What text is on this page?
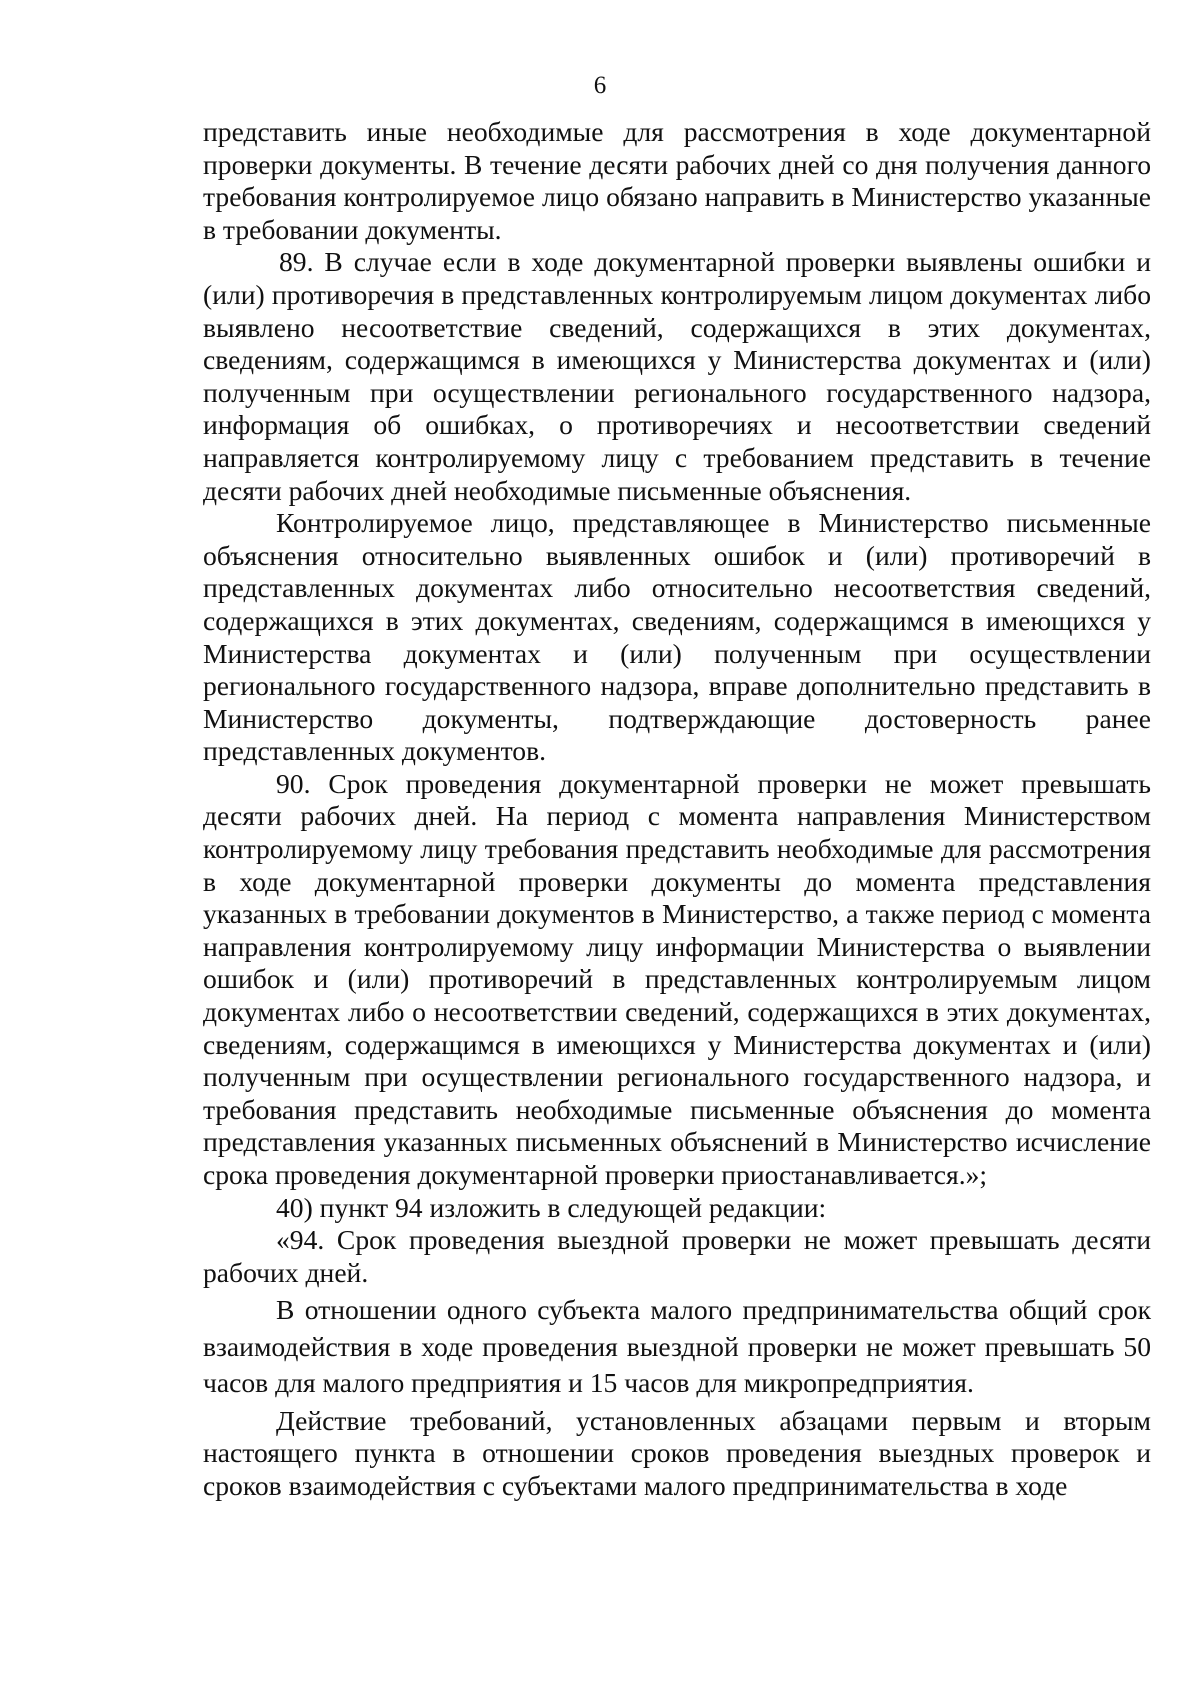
6

представить иные необходимые для рассмотрения в ходе документарной проверки документы. В течение десяти рабочих дней со дня получения данного требования контролируемое лицо обязано направить в Министерство указанные в требовании документы.

89. В случае если в ходе документарной проверки выявлены ошибки и (или) противоречия в представленных контролируемым лицом документах либо выявлено несоответствие сведений, содержащихся в этих документах, сведениям, содержащимся в имеющихся у Министерства документах и (или) полученным при осуществлении регионального государственного надзора, информация об ошибках, о противоречиях и несоответствии сведений направляется контролируемому лицу с требованием представить в течение десяти рабочих дней необходимые письменные объяснения.

Контролируемое лицо, представляющее в Министерство письменные объяснения относительно выявленных ошибок и (или) противоречий в представленных документах либо относительно несоответствия сведений, содержащихся в этих документах, сведениям, содержащимся в имеющихся у Министерства документах и (или) полученным при осуществлении регионального государственного надзора, вправе дополнительно представить в Министерство документы, подтверждающие достоверность ранее представленных документов.

90. Срок проведения документарной проверки не может превышать десяти рабочих дней. На период с момента направления Министерством контролируемому лицу требования представить необходимые для рассмотрения в ходе документарной проверки документы до момента представления указанных в требовании документов в Министерство, а также период с момента направления контролируемому лицу информации Министерства о выявлении ошибок и (или) противоречий в представленных контролируемым лицом документах либо о несоответствии сведений, содержащихся в этих документах, сведениям, содержащимся в имеющихся у Министерства документах и (или) полученным при осуществлении регионального государственного надзора, и требования представить необходимые письменные объяснения до момента представления указанных письменных объяснений в Министерство исчисление срока проведения документарной проверки приостанавливается.»;

40) пункт 94 изложить в следующей редакции:

«94. Срок проведения выездной проверки не может превышать десяти рабочих дней.

В отношении одного субъекта малого предпринимательства общий срок взаимодействия в ходе проведения выездной проверки не может превышать 50 часов для малого предприятия и 15 часов для микропредприятия.

Действие требований, установленных абзацами первым и вторым настоящего пункта в отношении сроков проведения выездных проверок и сроков взаимодействия с субъектами малого предпринимательства в ходе
